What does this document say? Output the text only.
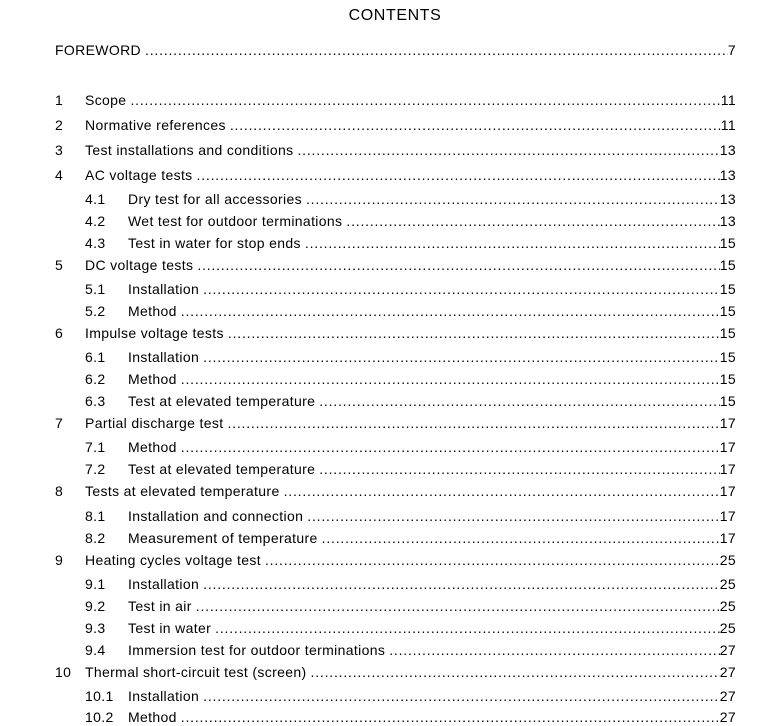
CONTENTS
FOREWORD .....	7
1 Scope .....	11
2 Normative references .....	11
3 Test installations and conditions .....	13
4 AC voltage tests .....	13
4.1 Dry test for all accessories .....	13
4.2 Wet test for outdoor terminations .....	13
4.3 Test in water for stop ends .....	15
5 DC voltage tests .....	15
5.1 Installation .....	15
5.2 Method .....	15
6 Impulse voltage tests .....	15
6.1 Installation .....	15
6.2 Method .....	15
6.3 Test at elevated temperature .....	15
7 Partial discharge test .....	17
7.1 Method .....	17
7.2 Test at elevated temperature .....	17
8 Tests at elevated temperature .....	17
8.1 Installation and connection .....	17
8.2 Measurement of temperature .....	17
9 Heating cycles voltage test .....	25
9.1 Installation .....	25
9.2 Test in air .....	25
9.3 Test in water .....	25
9.4 Immersion test for outdoor terminations .....	27
10 Thermal short-circuit test (screen) .....	27
10.1 Installation .....	27
10.2 Method .....	27
